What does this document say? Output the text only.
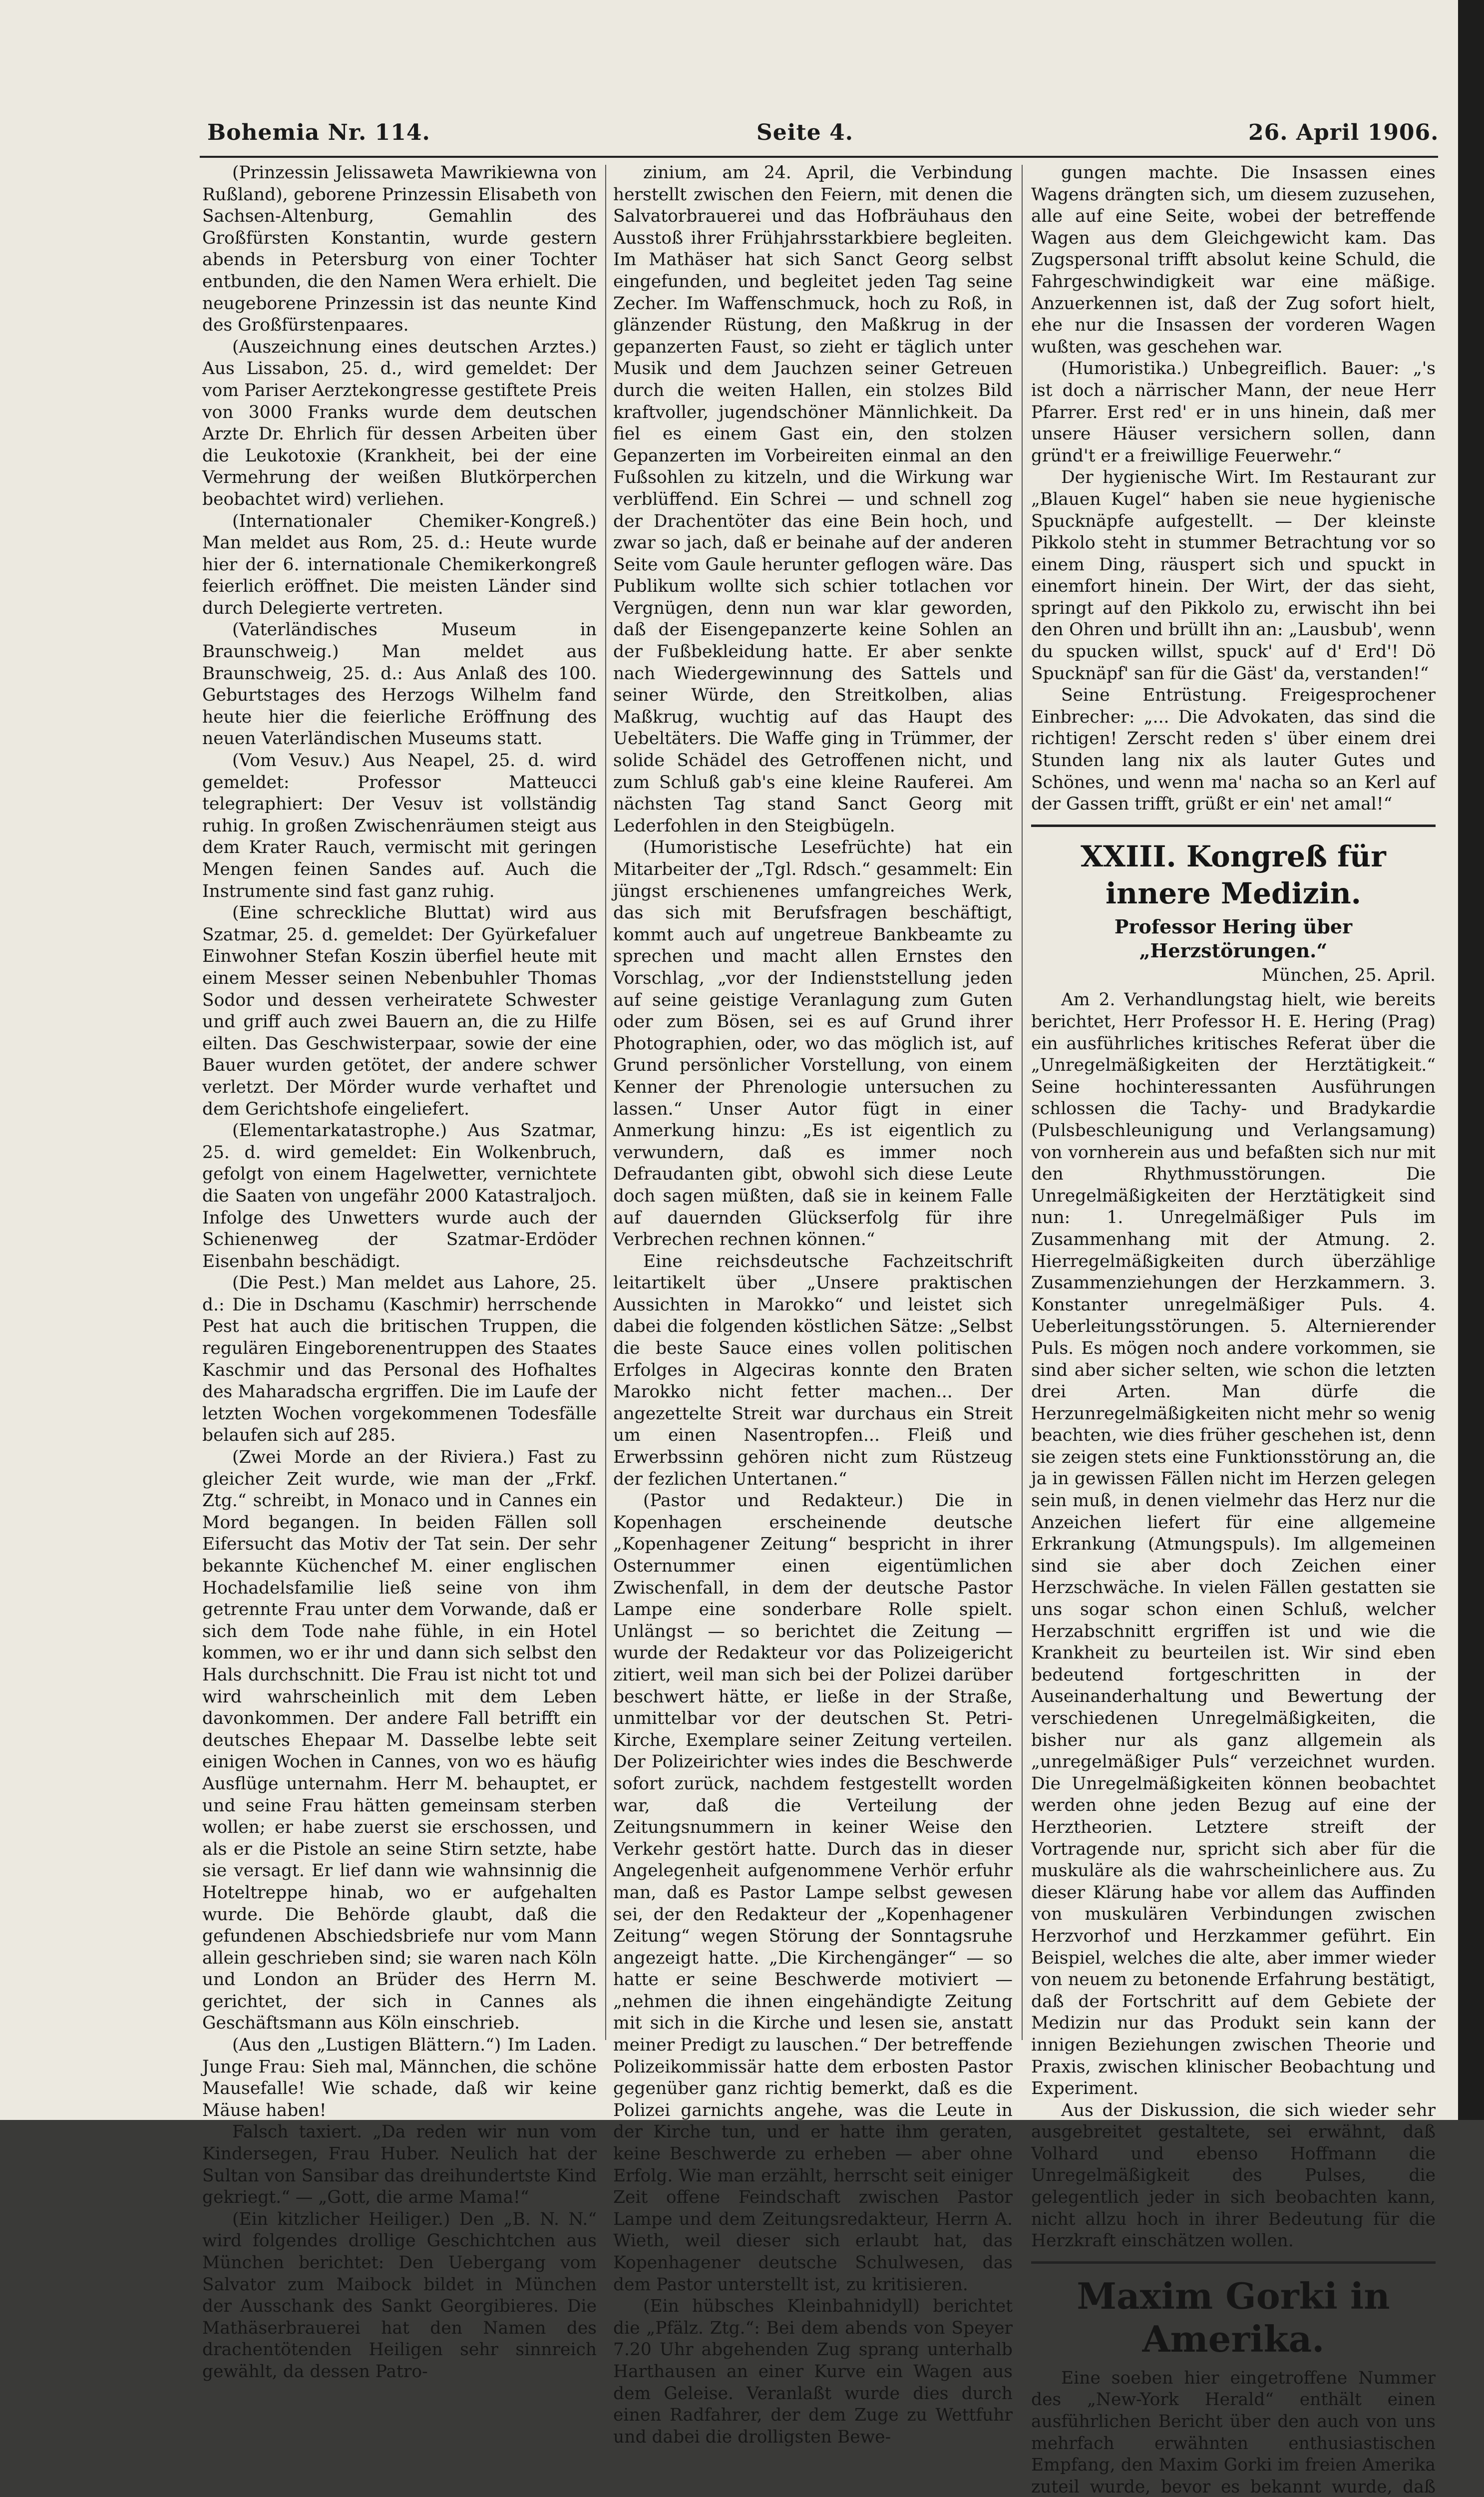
Bohemia Nr. 114.	Seite 4.	26. April 1906.

(Prinzessin Jelissaweta Mawrikiewna von Rußland), geborene Prinzessin Elisabeth von Sachsen-Altenburg, Gemahlin des Großfürsten Konstantin, wurde gestern abends in Petersburg von einer Tochter entbunden, die den Namen Wera erhielt. Die neugeborene Prinzessin ist das neunte Kind des Großfürstenpaares.

(Auszeichnung eines deutschen Arztes.) Aus Lissabon, 25. d., wird gemeldet: Der vom Pariser Aerztekongresse gestiftete Preis von 3000 Franks wurde dem deutschen Arzte Dr. Ehrlich für dessen Arbeiten über die Leukotoxie (Krankheit, bei der eine Vermehrung der weißen Blutkörperchen beobachtet wird) verliehen.

(Internationaler Chemiker-Kongreß.) Man meldet aus Rom, 25. d.: Heute wurde hier der 6. internationale Chemikerkongreß feierlich eröffnet. Die meisten Länder sind durch Delegierte vertreten.

(Vaterländisches Museum in Braunschweig.) Man meldet aus Braunschweig, 25. d.: Aus Anlaß des 100. Geburtstages des Herzogs Wilhelm fand heute hier die feierliche Eröffnung des neuen Vaterländischen Museums statt.

(Vom Vesuv.) Aus Neapel, 25. d. wird gemeldet: Professor Matteucci telegraphiert: Der Vesuv ist vollständig ruhig. In großen Zwischenräumen steigt aus dem Krater Rauch, vermischt mit geringen Mengen feinen Sandes auf. Auch die Instrumente sind fast ganz ruhig.

(Eine schreckliche Bluttat) wird aus Szatmar, 25. d. gemeldet: Der Gyürkefaluer Einwohner Stefan Koszin überfiel heute mit einem Messer seinen Nebenbuhler Thomas Sodor und dessen verheiratete Schwester und griff auch zwei Bauern an, die zu Hilfe eilten. Das Geschwisterpaar, sowie der eine Bauer wurden getötet, der andere schwer verletzt. Der Mörder wurde verhaftet und dem Gerichtshofe eingeliefert.

(Elementarkatastrophe.) Aus Szatmar, 25. d. wird gemeldet: Ein Wolkenbruch, gefolgt von einem Hagelwetter, vernichtete die Saaten von ungefähr 2000 Katastraljoch. Infolge des Unwetters wurde auch der Schienenweg der Szatmar-Erdöder Eisenbahn beschädigt.

(Die Pest.) Man meldet aus Lahore, 25. d.: Die in Dschamu (Kaschmir) herrschende Pest hat auch die britischen Truppen, die regulären Eingeborenentruppen des Staates Kaschmir und das Personal des Hofhaltes des Maharadscha ergriffen. Die im Laufe der letzten Wochen vorgekommenen Todesfälle belaufen sich auf 285.

(Zwei Morde an der Riviera.) Fast zu gleicher Zeit wurde, wie man der „Frkf. Ztg.“ schreibt, in Monaco und in Cannes ein Mord begangen. In beiden Fällen soll Eifersucht das Motiv der Tat sein. Der sehr bekannte Küchenchef M. einer englischen Hochadelsfamilie ließ seine von ihm getrennte Frau unter dem Vorwande, daß er sich dem Tode nahe fühle, in ein Hotel kommen, wo er ihr und dann sich selbst den Hals durchschnitt. Die Frau ist nicht tot und wird wahrscheinlich mit dem Leben davonkommen. Der andere Fall betrifft ein deutsches Ehepaar M. Dasselbe lebte seit einigen Wochen in Cannes, von wo es häufig Ausflüge unternahm. Herr M. behauptet, er und seine Frau hätten gemeinsam sterben wollen; er habe zuerst sie erschossen, und als er die Pistole an seine Stirn setzte, habe sie versagt. Er lief dann wie wahnsinnig die Hoteltreppe hinab, wo er aufgehalten wurde. Die Behörde glaubt, daß die gefundenen Abschiedsbriefe nur vom Mann allein geschrieben sind; sie waren nach Köln und London an Brüder des Herrn M. gerichtet, der sich in Cannes als Geschäftsmann aus Köln einschrieb.

(Aus den „Lustigen Blättern.“) Im Laden. Junge Frau: Sieh mal, Männchen, die schöne Mausefalle! Wie schade, daß wir keine Mäuse haben!

Falsch taxiert. „Da reden wir nun vom Kindersegen, Frau Huber. Neulich hat der Sultan von Sansibar das dreihundertste Kind gekriegt.“ — „Gott, die arme Mama!“

(Ein kitzlicher Heiliger.) Den „B. N. N.“ wird folgendes drollige Geschichtchen aus München berichtet: Den Uebergang vom Salvator zum Maibock bildet in München der Ausschank des Sankt Georgibieres. Die Mathäserbrauerei hat den Namen des drachentötenden Heiligen sehr sinnreich gewählt, da dessen Patro-

zinium, am 24. April, die Verbindung herstellt zwischen den Feiern, mit denen die Salvatorbrauerei und das Hofbräuhaus den Ausstoß ihrer Frühjahrsstarkbiere begleiten. Im Mathäser hat sich Sanct Georg selbst eingefunden, und begleitet jeden Tag seine Zecher. Im Waffenschmuck, hoch zu Roß, in glänzender Rüstung, den Maßkrug in der gepanzerten Faust, so zieht er täglich unter Musik und dem Jauchzen seiner Getreuen durch die weiten Hallen, ein stolzes Bild kraftvoller, jugendschöner Männlichkeit. Da fiel es einem Gast ein, den stolzen Gepanzerten im Vorbeireiten einmal an den Fußsohlen zu kitzeln, und die Wirkung war verblüffend. Ein Schrei — und schnell zog der Drachentöter das eine Bein hoch, und zwar so jach, daß er beinahe auf der anderen Seite vom Gaule herunter geflogen wäre. Das Publikum wollte sich schier totlachen vor Vergnügen, denn nun war klar geworden, daß der Eisengepanzerte keine Sohlen an der Fußbekleidung hatte. Er aber senkte nach Wiedergewinnung des Sattels und seiner Würde, den Streitkolben, alias Maßkrug, wuchtig auf das Haupt des Uebeltäters. Die Waffe ging in Trümmer, der solide Schädel des Getroffenen nicht, und zum Schluß gab's eine kleine Rauferei. Am nächsten Tag stand Sanct Georg mit Lederfohlen in den Steigbügeln.

(Humoristische Lesefrüchte) hat ein Mitarbeiter der „Tgl. Rdsch.“ gesammelt: Ein jüngst erschienenes umfangreiches Werk, das sich mit Berufsfragen beschäftigt, kommt auch auf ungetreue Bankbeamte zu sprechen und macht allen Ernstes den Vorschlag, „vor der Indienststellung jeden auf seine geistige Veranlagung zum Guten oder zum Bösen, sei es auf Grund ihrer Photographien, oder, wo das möglich ist, auf Grund persönlicher Vorstellung, von einem Kenner der Phrenologie untersuchen zu lassen.“ Unser Autor fügt in einer Anmerkung hinzu: „Es ist eigentlich zu verwundern, daß es immer noch Defraudanten gibt, obwohl sich diese Leute doch sagen müßten, daß sie in keinem Falle auf dauernden Glückserfolg für ihre Verbrechen rechnen können.“

Eine reichsdeutsche Fachzeitschrift leitartikelt über „Unsere praktischen Aussichten in Marokko“ und leistet sich dabei die folgenden köstlichen Sätze: „Selbst die beste Sauce eines vollen politischen Erfolges in Algeciras konnte den Braten Marokko nicht fetter machen... Der angezettelte Streit war durchaus ein Streit um einen Nasentropfen... Fleiß und Erwerbssinn gehören nicht zum Rüstzeug der fezlichen Untertanen.“

(Pastor und Redakteur.) Die in Kopenhagen erscheinende deutsche „Kopenhagener Zeitung“ bespricht in ihrer Osternummer einen eigentümlichen Zwischenfall, in dem der deutsche Pastor Lampe eine sonderbare Rolle spielt. Unlängst — so berichtet die Zeitung — wurde der Redakteur vor das Polizeigericht zitiert, weil man sich bei der Polizei darüber beschwert hätte, er ließe in der Straße, unmittelbar vor der deutschen St. Petri-Kirche, Exemplare seiner Zeitung verteilen. Der Polizeirichter wies indes die Beschwerde sofort zurück, nachdem festgestellt worden war, daß die Verteilung der Zeitungsnummern in keiner Weise den Verkehr gestört hatte. Durch das in dieser Angelegenheit aufgenommene Verhör erfuhr man, daß es Pastor Lampe selbst gewesen sei, der den Redakteur der „Kopenhagener Zeitung“ wegen Störung der Sonntagsruhe angezeigt hatte. „Die Kirchengänger“ — so hatte er seine Beschwerde motiviert — „nehmen die ihnen eingehändigte Zeitung mit sich in die Kirche und lesen sie, anstatt meiner Predigt zu lauschen.“ Der betreffende Polizeikommissär hatte dem erbosten Pastor gegenüber ganz richtig bemerkt, daß es die Polizei garnichts angehe, was die Leute in der Kirche tun, und er hatte ihm geraten, keine Beschwerde zu erheben — aber ohne Erfolg. Wie man erzählt, herrscht seit einiger Zeit offene Feindschaft zwischen Pastor Lampe und dem Zeitungsredakteur, Herrn A. Wieth, weil dieser sich erlaubt hat, das Kopenhagener deutsche Schulwesen, das dem Pastor unterstellt ist, zu kritisieren.

(Ein hübsches Kleinbahnidyll) berichtet die „Pfälz. Ztg.“: Bei dem abends von Speyer 7.20 Uhr abgehenden Zug sprang unterhalb Harthausen an einer Kurve ein Wagen aus dem Geleise. Veranlaßt wurde dies durch einen Radfahrer, der dem Zuge zu Wettfuhr und dabei die drolligsten Bewe-

gungen machte. Die Insassen eines Wagens drängten sich, um diesem zuzusehen, alle auf eine Seite, wobei der betreffende Wagen aus dem Gleichgewicht kam. Das Zugspersonal trifft absolut keine Schuld, die Fahrgeschwindigkeit war eine mäßige. Anzuerkennen ist, daß der Zug sofort hielt, ehe nur die Insassen der vorderen Wagen wußten, was geschehen war.

(Humoristika.) Unbegreiflich. Bauer: „'s ist doch a närrischer Mann, der neue Herr Pfarrer. Erst red' er in uns hinein, daß mer unsere Häuser versichern sollen, dann gründ't er a freiwillige Feuerwehr.“

Der hygienische Wirt. Im Restaurant zur „Blauen Kugel“ haben sie neue hygienische Spucknäpfe aufgestellt. — Der kleinste Pikkolo steht in stummer Betrachtung vor so einem Ding, räuspert sich und spuckt in einemfort hinein. Der Wirt, der das sieht, springt auf den Pikkolo zu, erwischt ihn bei den Ohren und brüllt ihn an: „Lausbub', wenn du spucken willst, spuck' auf d' Erd'! Dö Spucknäpf' san für die Gäst' da, verstanden!“

Seine Entrüstung. Freigesprochener Einbrecher: „... Die Advokaten, das sind die richtigen! Zerscht reden s' über einem drei Stunden lang nix als lauter Gutes und Schönes, und wenn ma' nacha so an Kerl auf der Gassen trifft, grüßt er ein' net amal!“

XXIII. Kongreß für innere Medizin.
Professor Hering über „Herzstörungen.“
München, 25. April.

Am 2. Verhandlungstag hielt, wie bereits berichtet, Herr Professor H. E. Hering (Prag) ein ausführliches kritisches Referat über die „Unregelmäßigkeiten der Herztätigkeit.“ Seine hochinteressanten Ausführungen schlossen die Tachy- und Bradykardie (Pulsbeschleunigung und Verlangsamung) von vornherein aus und befaßten sich nur mit den Rhythmusstörungen. Die Unregelmäßigkeiten der Herztätigkeit sind nun: 1. Unregelmäßiger Puls im Zusammenhang mit der Atmung. 2. Hierregelmäßigkeiten durch überzählige Zusammenziehungen der Herzkammern. 3. Konstanter unregelmäßiger Puls. 4. Ueberleitungsstörungen. 5. Alternierender Puls. Es mögen noch andere vorkommen, sie sind aber sicher selten, wie schon die letzten drei Arten. Man dürfe die Herzunregelmäßigkeiten nicht mehr so wenig beachten, wie dies früher geschehen ist, denn sie zeigen stets eine Funktionsstörung an, die ja in gewissen Fällen nicht im Herzen gelegen sein muß, in denen vielmehr das Herz nur die Anzeichen liefert für eine allgemeine Erkrankung (Atmungspuls). Im allgemeinen sind sie aber doch Zeichen einer Herzschwäche. In vielen Fällen gestatten sie uns sogar schon einen Schluß, welcher Herzabschnitt ergriffen ist und wie die Krankheit zu beurteilen ist. Wir sind eben bedeutend fortgeschritten in der Auseinanderhaltung und Bewertung der verschiedenen Unregelmäßigkeiten, die bisher nur als ganz allgemein als „unregelmäßiger Puls“ verzeichnet wurden. Die Unregelmäßigkeiten können beobachtet werden ohne jeden Bezug auf eine der Herztheorien. Letztere streift der Vortragende nur, spricht sich aber für die muskuläre als die wahrscheinlichere aus. Zu dieser Klärung habe vor allem das Auffinden von muskulären Verbindungen zwischen Herzvorhof und Herzkammer geführt. Ein Beispiel, welches die alte, aber immer wieder von neuem zu betonende Erfahrung bestätigt, daß der Fortschritt auf dem Gebiete der Medizin nur das Produkt sein kann der innigen Beziehungen zwischen Theorie und Praxis, zwischen klinischer Beobachtung und Experiment.

Aus der Diskussion, die sich wieder sehr ausgebreitet gestaltete, sei erwähnt, daß Volhard und ebenso Hoffmann die Unregelmäßigkeit des Pulses, die gelegentlich jeder in sich beobachten kann, nicht allzu hoch in ihrer Bedeutung für die Herzkraft einschätzen wollen.

Maxim Gorki in Amerika.

Eine soeben hier eingetroffene Nummer des „New-York Herald“ enthält einen ausführlichen Bericht über den auch von uns mehrfach erwähnten enthusiastischen Empfang, den Maxim Gorki im freien Amerika zuteil wurde, bevor es bekannt wurde, daß
